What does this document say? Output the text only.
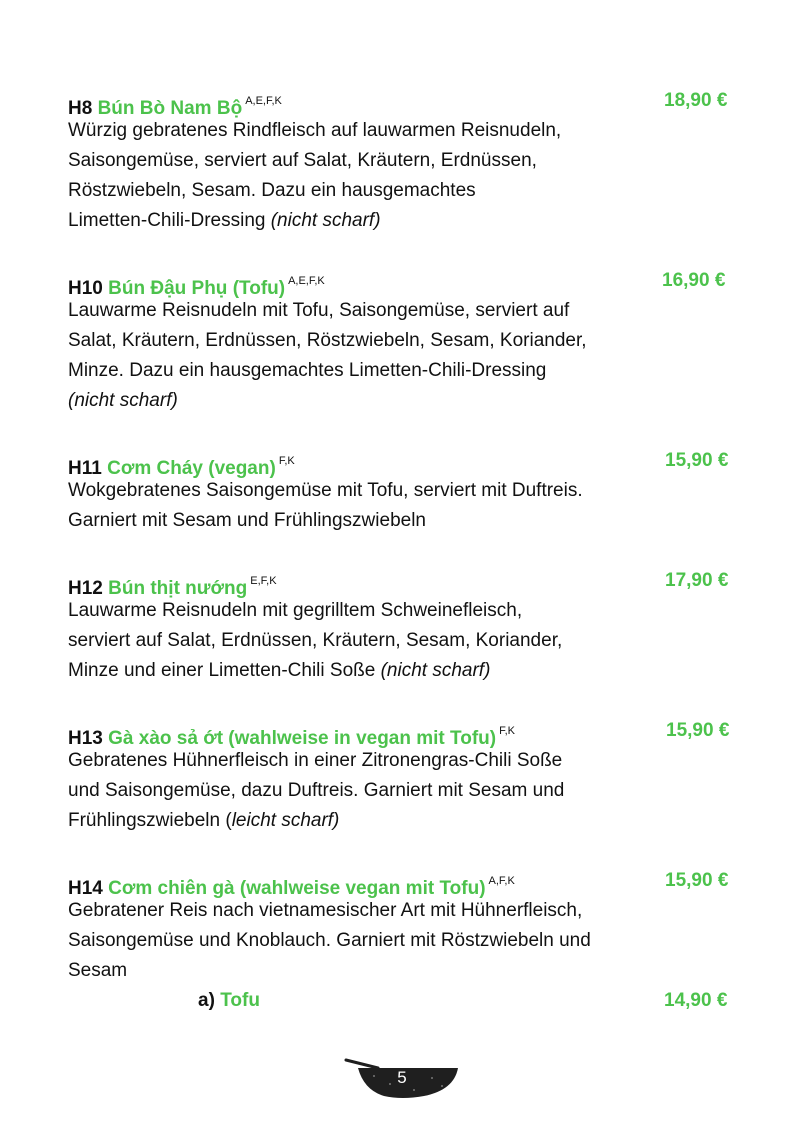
H8 Bún Bò Nam Bộ $^{A,E,F,K}$	18,90 €
Würzig gebratenes Rindfleisch auf lauwarmen Reisnudeln,
Saisongemüse, serviert auf Salat, Kräutern, Erdnüssen,
Röstzwiebeln, Sesam. Dazu ein hausgemachtes
Limetten-Chili-Dressing (nicht scharf)
H10 Bún Đậu Phụ (Tofu) $^{A,E,F,K}$	16,90 €
Lauwarme Reisnudeln mit Tofu, Saisongemüse, serviert auf
Salat, Kräutern, Erdnüssen, Röstzwiebeln, Sesam, Koriander,
Minze. Dazu ein hausgemachtes Limetten-Chili-Dressing
(nicht scharf)
H11 Cơm Cháy (vegan) $^{F,K}$	15,90 €
Wokgebratenes Saisongemüse mit Tofu, serviert mit Duftreis.
Garniert mit Sesam und Frühlingszwiebeln
H12 Bún thịt nướng $^{E,F,K}$	17,90 €
Lauwarme Reisnudeln mit gegrilltem Schweinefleisch,
serviert auf Salat, Erdnüssen, Kräutern, Sesam, Koriander,
Minze und einer Limetten-Chili Soße (nicht scharf)
H13 Gà xào sả ớt (wahlweise in vegan mit Tofu) $^{F,K}$	15,90 €
Gebratenes Hühnerfleisch in einer Zitronengras-Chili Soße
und Saisongemüse, dazu Duftreis. Garniert mit Sesam und
Frühlingszwiebeln (leicht scharf)
H14 Cơm chiên gà (wahlweise vegan mit Tofu) $^{A,F,K}$	15,90 €
Gebratener Reis nach vietnamesischer Art mit Hühnerfleisch,
Saisongemüse und Knoblauch. Garniert mit Röstzwiebeln und
Sesam
a) Tofu	14,90 €
5
